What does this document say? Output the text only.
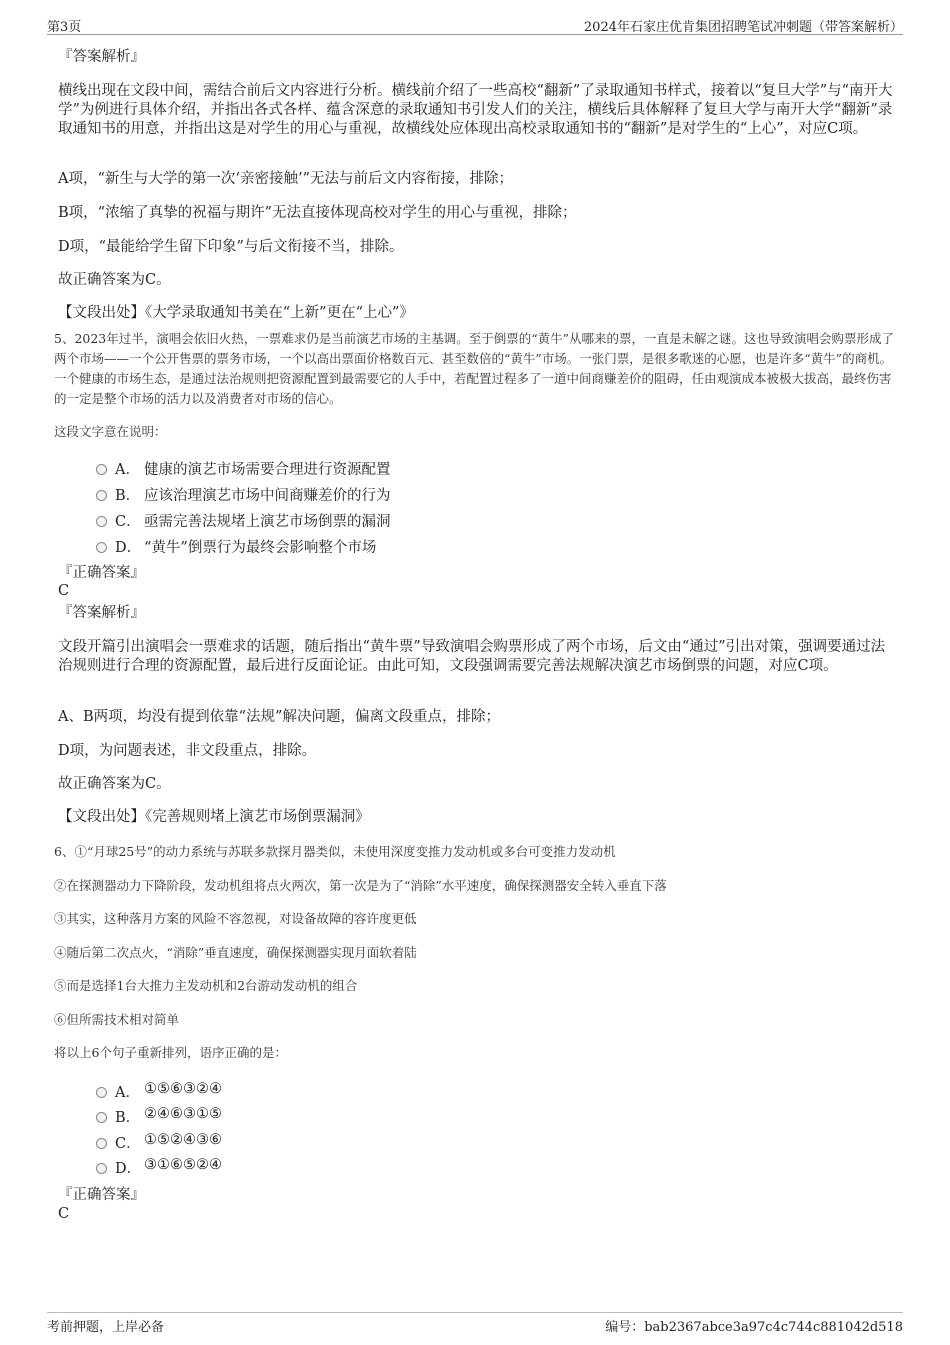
第3页	2024年石家庄优肯集团招聘笔试冲刺题（带答案解析）
『答案解析』
横线出现在文段中间，需结合前后文内容进行分析。横线前介绍了一些高校“翻新”了录取通知书样式，接着以“复旦大学”与“南开大学”为例进行具体介绍，并指出各式各样、蕴含深意的录取通知书引发人们的关注，横线后具体解释了复旦大学与南开大学“翻新”录取通知书的用意，并指出这是对学生的用心与重视，故横线处应体现出高校录取通知书的“翻新”是对学生的“上心”，对应C项。
A项，“新生与大学的第一次‘亲密接触’”无法与前后文内容衔接，排除；
B项，“浓缩了真挚的祝福与期许”无法直接体现高校对学生的用心与重视，排除；
D项，“最能给学生留下印象”与后文衔接不当，排除。
故正确答案为C。
【文段出处】《大学录取通知书美在“上新”更在“上心”》
5、2023年过半，演唱会依旧火热，一票难求仍是当前演艺市场的主基调。至于倒票的“黄牛”从哪来的票，一直是未解之谜。这也导致演唱会购票形成了两个市场——一个公开售票的票务市场，一个以高出票面价格数百元、甚至数倍的“黄牛”市场。一张门票，是很多歌迷的心愿，也是许多“黄牛”的商机。一个健康的市场生态，是通过法治规则把资源配置到最需要它的人手中，若配置过程多了一道中间商赚差价的阻碍，任由观演成本被极大拔高，最终伤害的一定是整个市场的活力以及消费者对市场的信心。
这段文字意在说明：
A． 健康的演艺市场需要合理进行资源配置
B． 应该治理演艺市场中间商赚差价的行为
C． 亟需完善法规堵上演艺市场倒票的漏洞
D． “黄牛”倒票行为最终会影响整个市场
『正确答案』
C
『答案解析』
文段开篇引出演唱会一票难求的话题，随后指出“黄牛票”导致演唱会购票形成了两个市场，后文由“通过”引出对策，强调要通过法治规则进行合理的资源配置，最后进行反面论证。由此可知，文段强调需要完善法规解决演艺市场倒票的问题，对应C项。
A、B两项，均没有提到依靠“法规”解决问题，偏离文段重点，排除；
D项，为问题表述，非文段重点，排除。
故正确答案为C。
【文段出处】《完善规则堵上演艺市场倒票漏洞》
6、①“月球25号”的动力系统与苏联多款探月器类似，未使用深度变推力发动机或多台可变推力发动机
②在探测器动力下降阶段，发动机组将点火两次，第一次是为了“消除”水平速度，确保探测器安全转入垂直下落
③其实，这种落月方案的风险不容忽视，对设备故障的容许度更低
④随后第二次点火，“消除”垂直速度，确保探测器实现月面软着陆
⑤而是选择1台大推力主发动机和2台游动发动机的组合
⑥但所需技术相对简单
将以上6个句子重新排列，语序正确的是：
A． ①⑤⑥③②④
B． ②④⑥③①⑤
C． ①⑤②④③⑥
D． ③①⑥⑤②④
『正确答案』
C
考前押题，上岸必备	编号：bab2367abce3a97c4c744c881042d518
